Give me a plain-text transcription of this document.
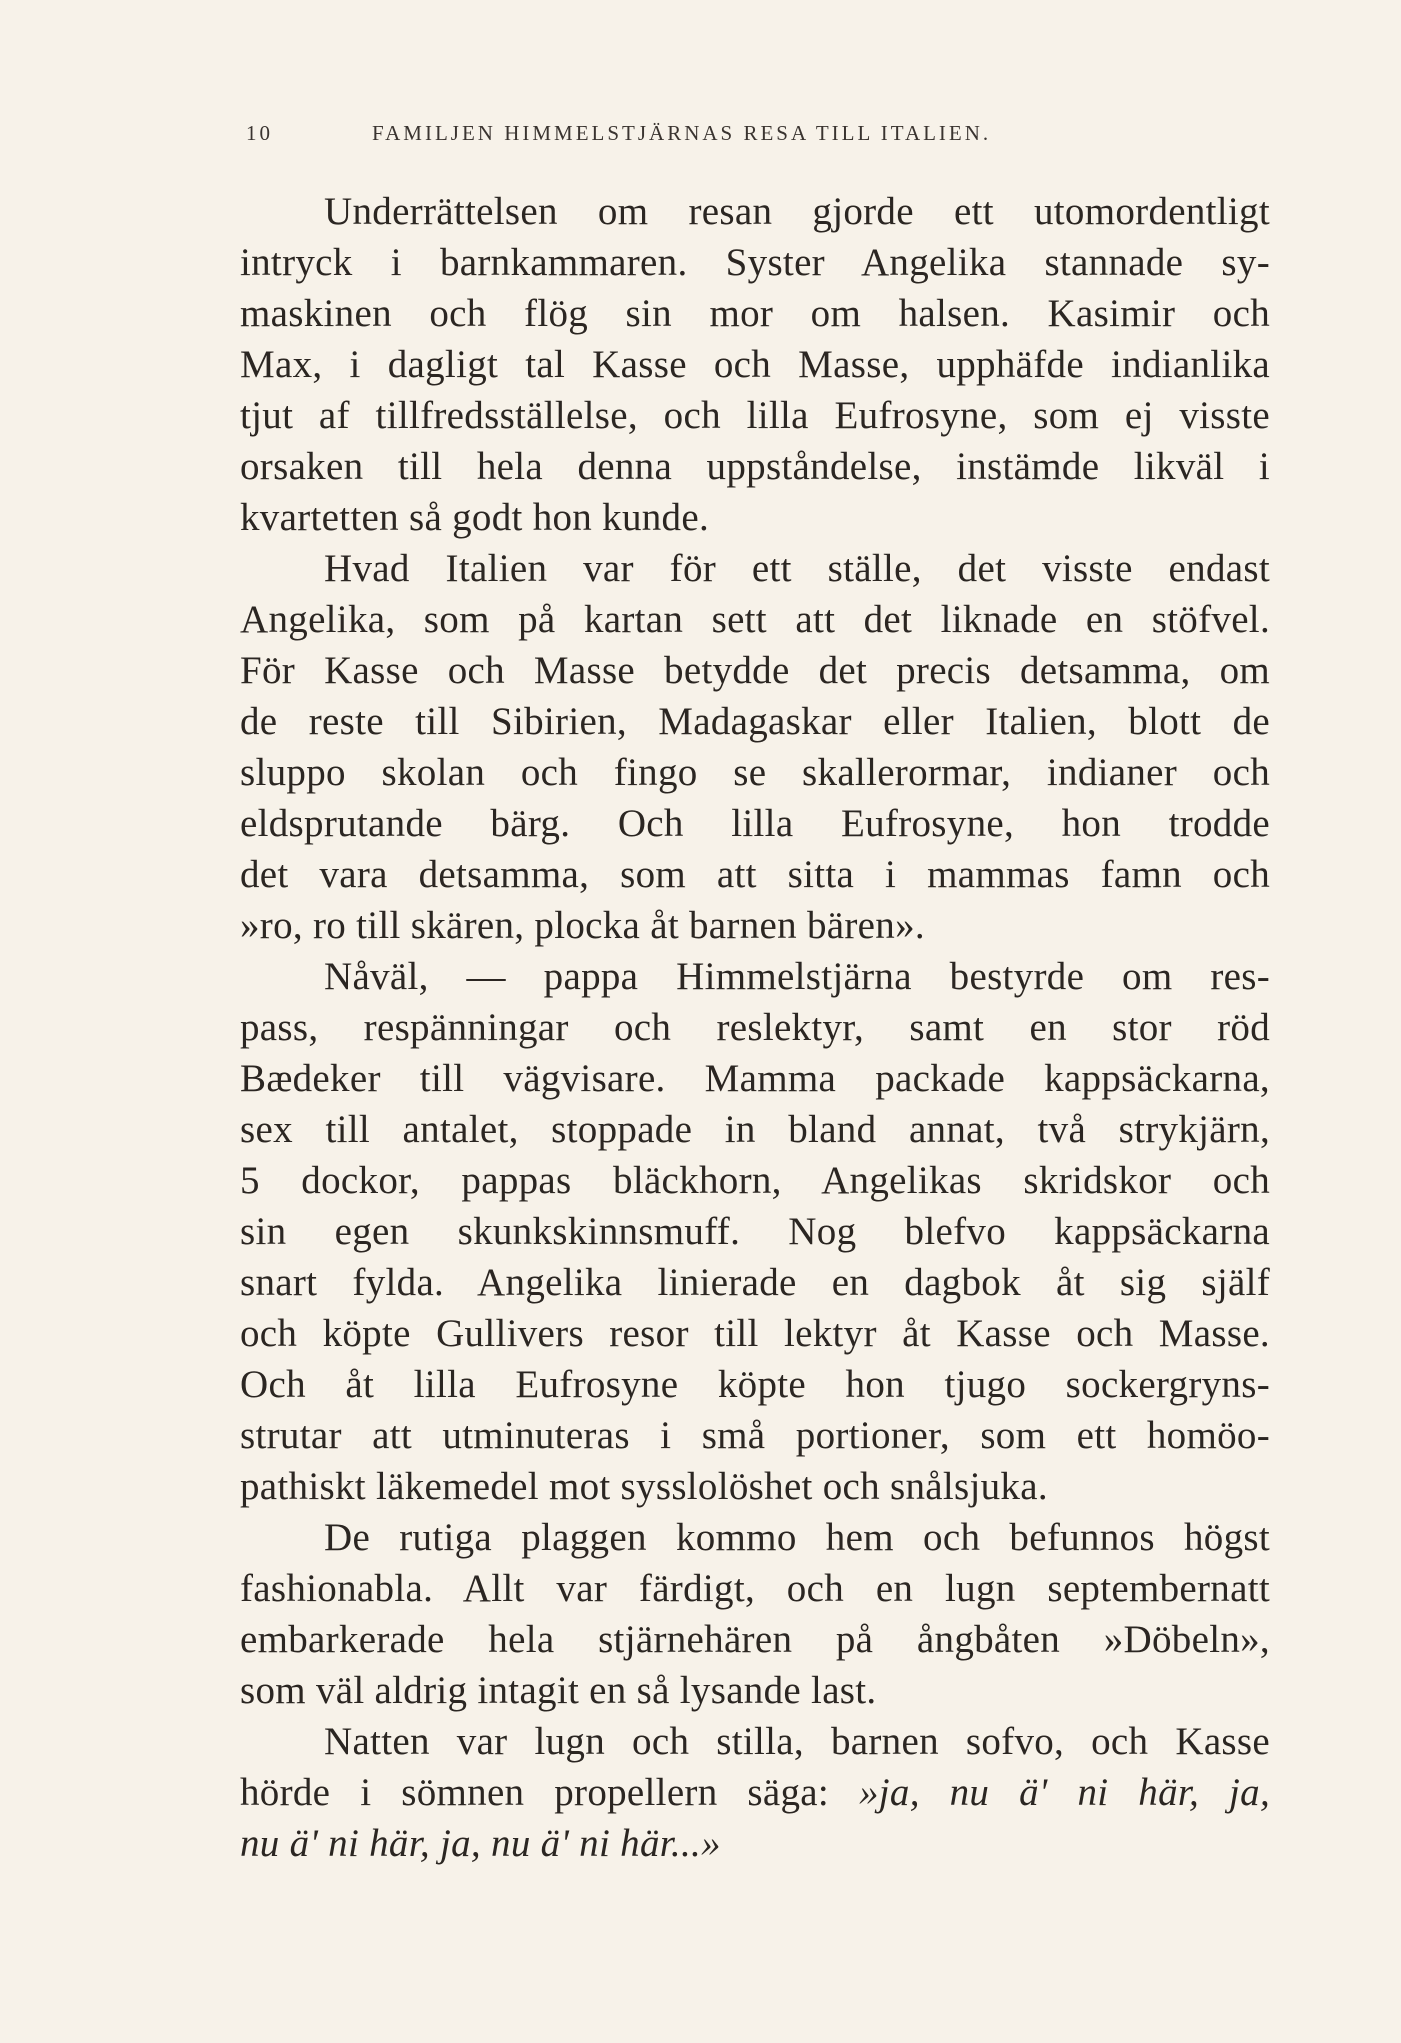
10	FAMILJEN HIMMELSTJÄRNAS RESA TILL ITALIEN.
Underrättelsen om resan gjorde ett utomordentligt
intryck i barnkammaren. Syster Angelika stannade sy-
maskinen och flög sin mor om halsen. Kasimir och
Max, i dagligt tal Kasse och Masse, upphäfde indianlika
tjut af tillfredsställelse, och lilla Eufrosyne, som ej visste
orsaken till hela denna uppståndelse, instämde likväl i
kvartetten så godt hon kunde.
Hvad Italien var för ett ställe, det visste endast
Angelika, som på kartan sett att det liknade en stöfvel.
För Kasse och Masse betydde det precis detsamma, om
de reste till Sibirien, Madagaskar eller Italien, blott de
sluppo skolan och fingo se skallerormar, indianer och
eldsprutande bärg. Och lilla Eufrosyne, hon trodde
det vara detsamma, som att sitta i mammas famn och
»ro, ro till skären, plocka åt barnen bären».
Nåväl, — pappa Himmelstjärna bestyrde om res-
pass, respänningar och reslektyr, samt en stor röd
Bædeker till vägvisare. Mamma packade kappsäckarna,
sex till antalet, stoppade in bland annat, två strykjärn,
5 dockor, pappas bläckhorn, Angelikas skridskor och
sin egen skunkskinnsmuff. Nog blefvo kappsäckarna
snart fylda. Angelika linierade en dagbok åt sig själf
och köpte Gullivers resor till lektyr åt Kasse och Masse.
Och åt lilla Eufrosyne köpte hon tjugo sockergryns-
strutar att utminuteras i små portioner, som ett homöo-
pathiskt läkemedel mot sysslolöshet och snålsjuka.
De rutiga plaggen kommo hem och befunnos högst
fashionabla. Allt var färdigt, och en lugn septembernatt
embarkerade hela stjärnehären på ångbåten »Döbeln»,
som väl aldrig intagit en så lysande last.
Natten var lugn och stilla, barnen sofvo, och Kasse
hörde i sömnen propellern säga: »ja, nu ä' ni här, ja,
nu ä' ni här, ja, nu ä' ni här...»
